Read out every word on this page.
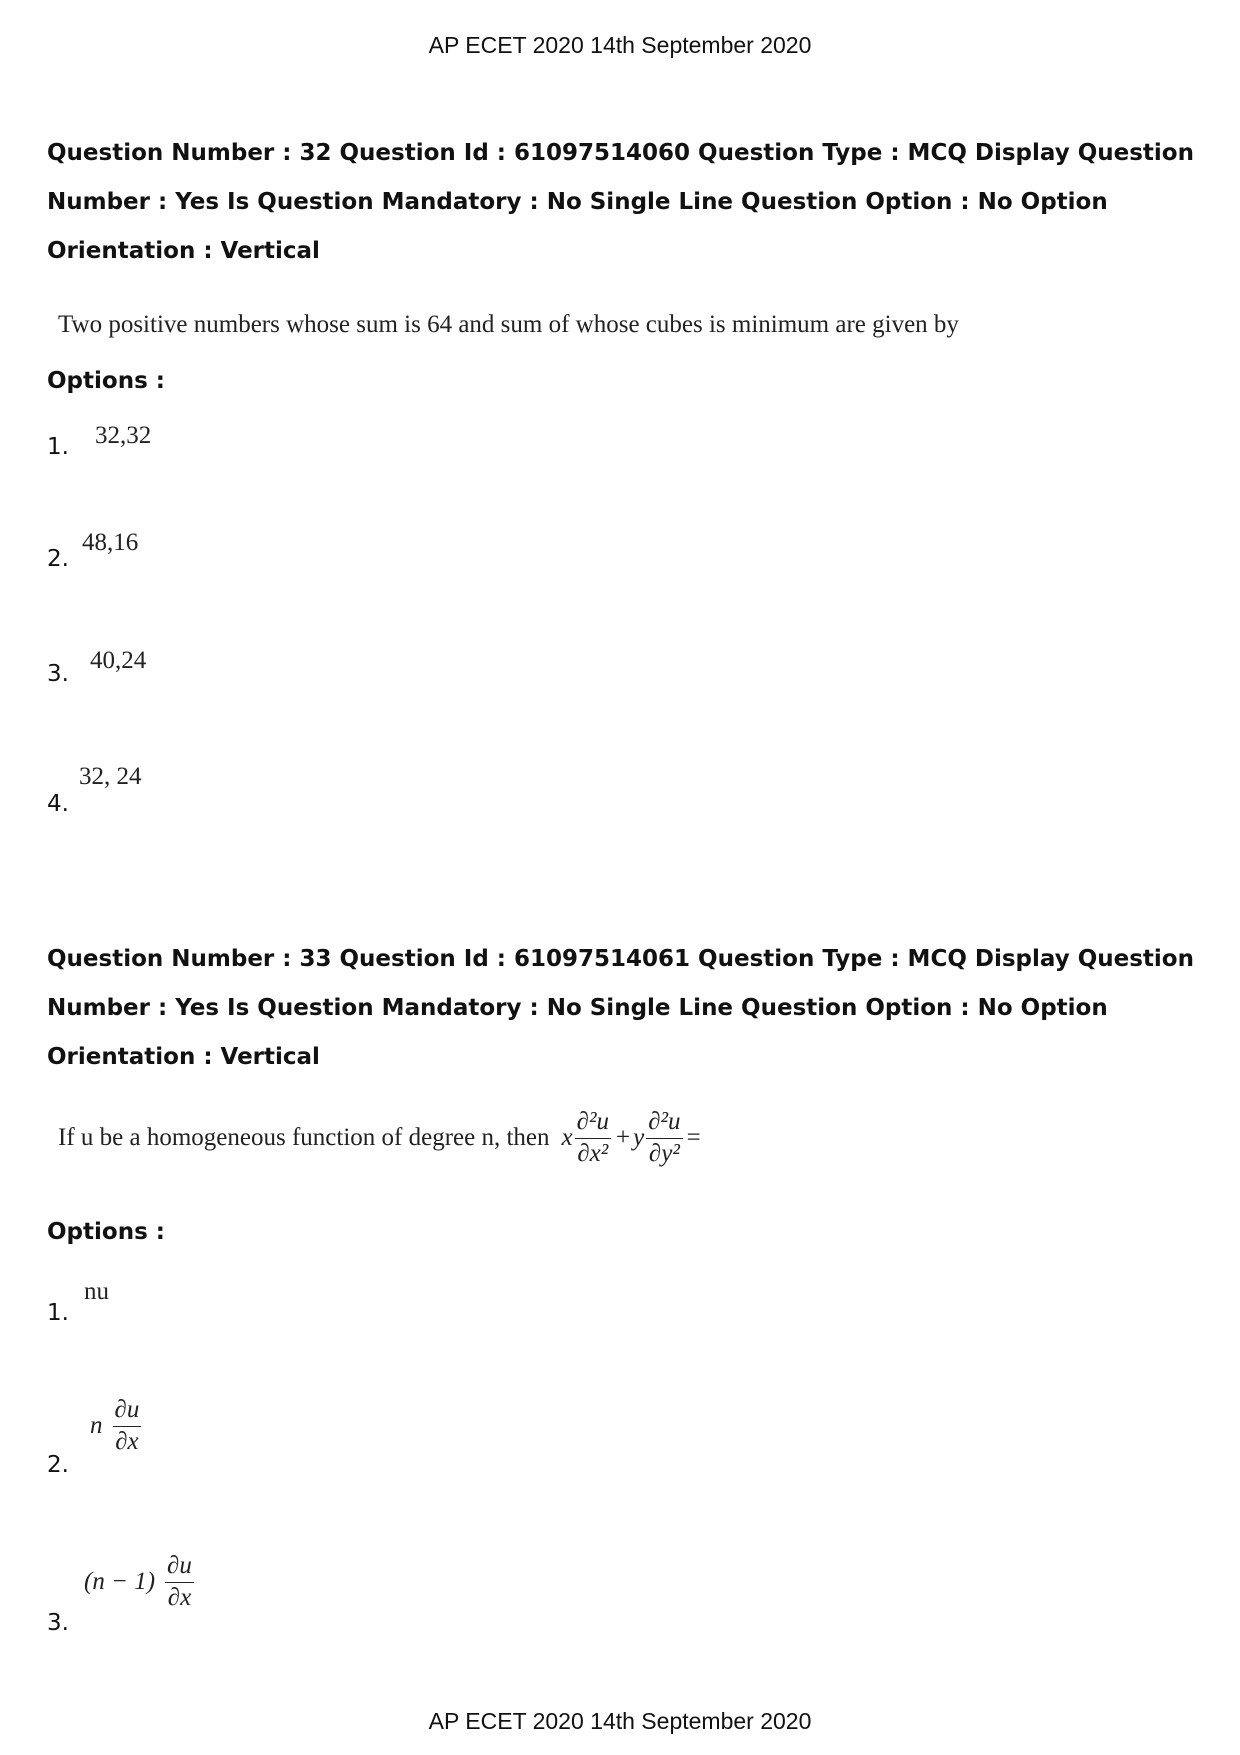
AP ECET 2020 14th September 2020
Question Number : 32 Question Id : 61097514060 Question Type : MCQ Display Question
Number : Yes Is Question Mandatory : No Single Line Question Option : No Option
Orientation : Vertical
Two positive numbers whose sum is 64 and sum of whose cubes is minimum are given by
Options :
1. 32,32
2.
48,16
3. 40,24
4.
32, 24
Question Number : 33 Question Id : 61097514061 Question Type : MCQ Display Question
Number : Yes Is Question Mandatory : No Single Line Question Option : No Option
Orientation : Vertical
If u be a homogeneous function of degree n, then x $\frac{\text{∂²u}}{\text{∂x²}} + y \frac{\text{∂²u}}{\text{∂y²}}$ =
Options :
1.
nu
2.
n $\frac{\partial u}{\partial x}$
3.
$(n - 1) \frac{\partial u}{\partial x}$
AP ECET 2020 14th September 2020
